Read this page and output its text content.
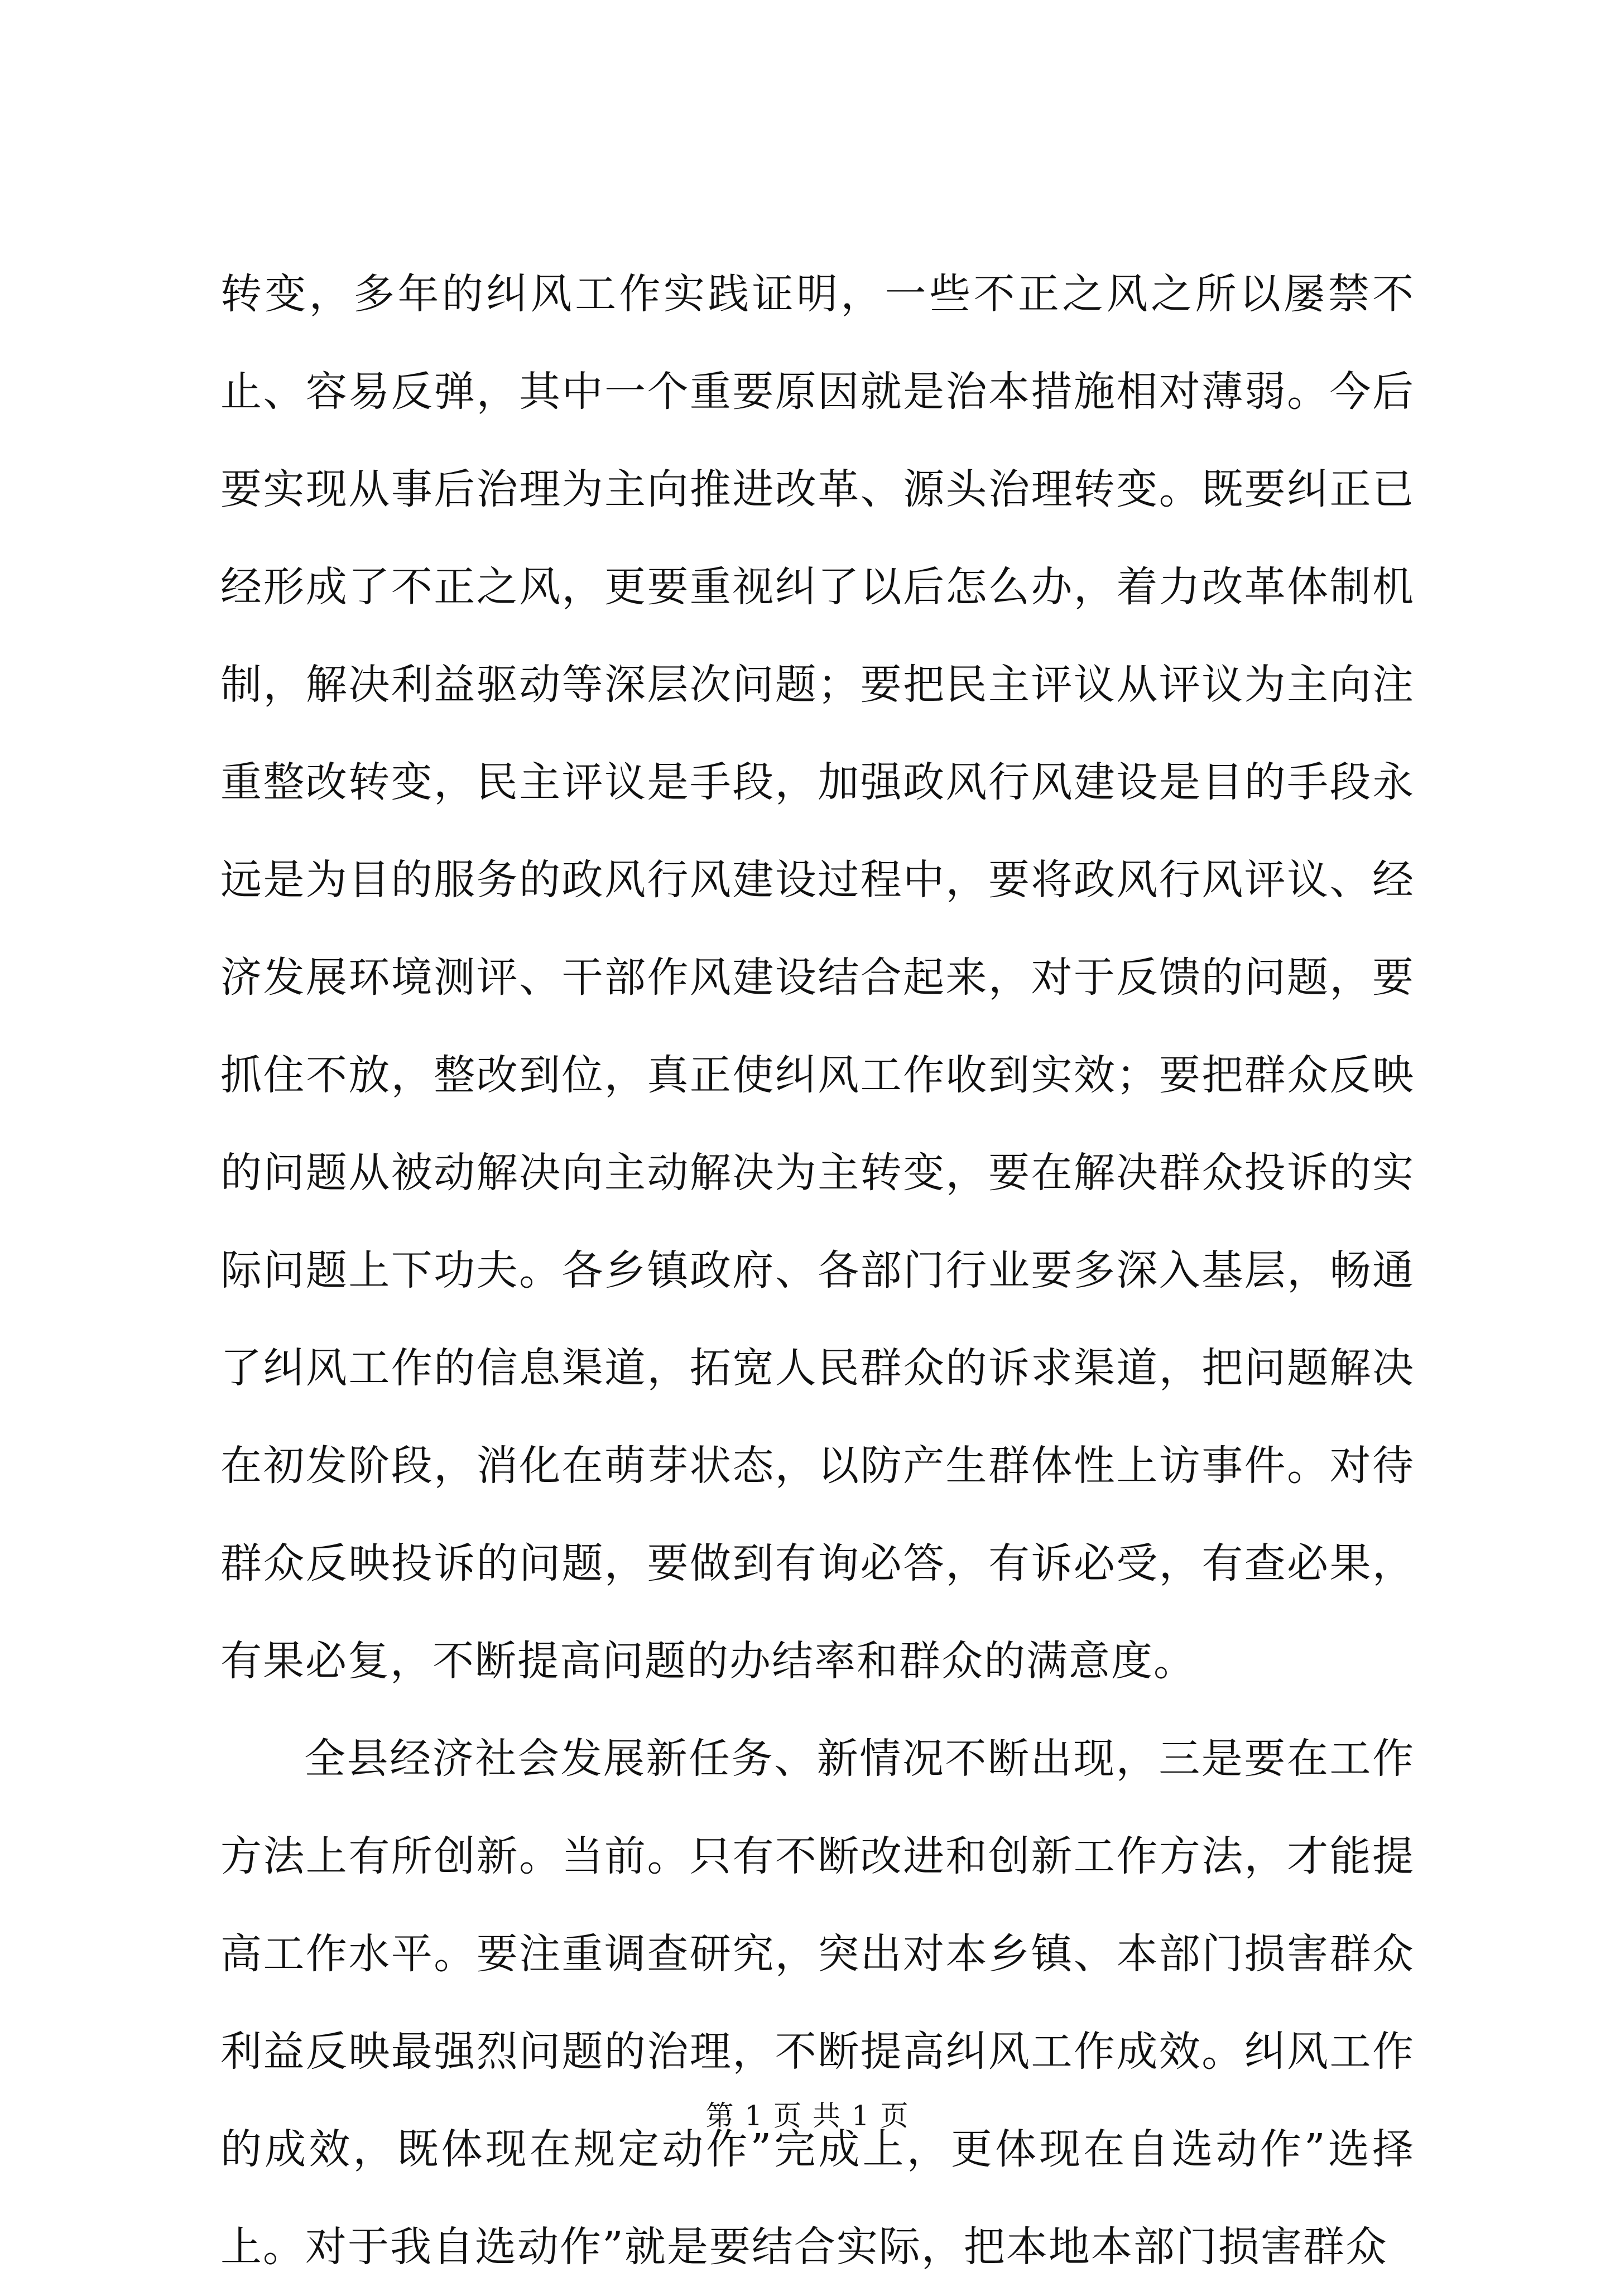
转变，多年的纠风工作实践证明，一些不正之风之所以屡禁不止、容易反弹，其中一个重要原因就是治本措施相对薄弱。今后要实现从事后治理为主向推进改革、源头治理转变。既要纠正已经形成了不正之风，更要重视纠了以后怎么办，着力改革体制机制，解决利益驱动等深层次问题；要把民主评议从评议为主向注重整改转变，民主评议是手段，加强政风行风建设是目的手段永远是为目的服务的政风行风建设过程中，要将政风行风评议、经济发展环境测评、干部作风建设结合起来，对于反馈的问题，要抓住不放，整改到位，真正使纠风工作收到实效；要把群众反映的问题从被动解决向主动解决为主转变，要在解决群众投诉的实际问题上下功夫。各乡镇政府、各部门行业要多深入基层，畅通了纠风工作的信息渠道，拓宽人民群众的诉求渠道，把问题解决在初发阶段，消化在萌芽状态，以防产生群体性上访事件。对待群众反映投诉的问题，要做到有询必答，有诉必受，有查必果，有果必复，不断提高问题的办结率和群众的满意度。

全县经济社会发展新任务、新情况不断出现，三是要在工作方法上有所创新。当前。只有不断改进和创新工作方法，才能提高工作水平。要注重调查研究，突出对本乡镇、本部门损害群众利益反映最强烈问题的治理，不断提高纠风工作成效。纠风工作的成效，既体现在规定动作”完成上，更体现在自选动作”选择上。对于我自选动作”就是要结合实际，把本地本部门损害群众

第 1 页 共 1 页
